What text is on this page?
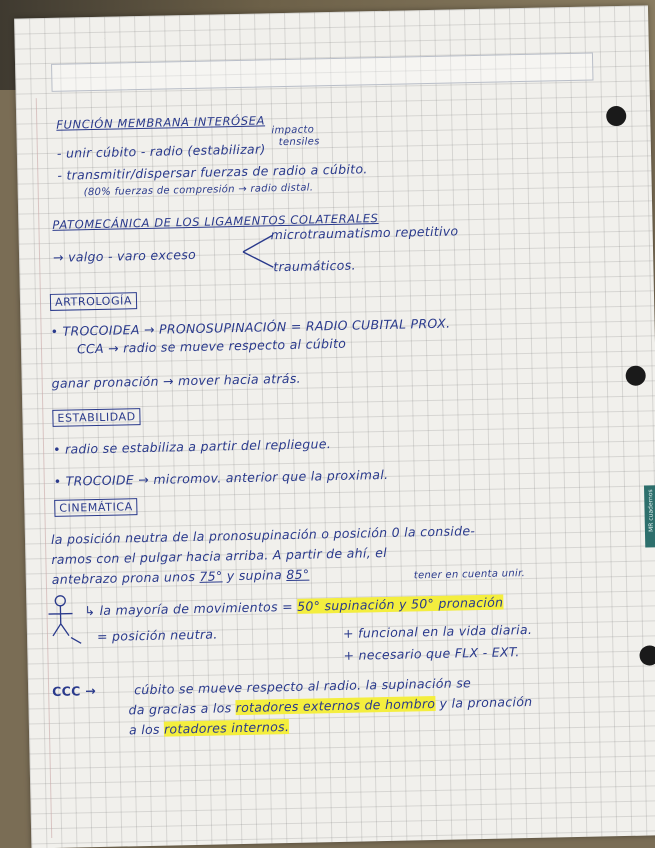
MR cuadernos
FUNCIÓN MEMBRANA INTERÓSEA
- unir cúbito - radio (estabilizar)
impacto
tensiles
- transmitir/dispersar fuerzas de radio a cúbito.
(80% fuerzas de compresión → radio distal.
PATOMECÁNICA DE LOS LIGAMENTOS COLATERALES
→ valgo - varo exceso
microtraumatismo repetitivo
traumáticos.
ARTROLOGÍA
• TROCOIDEA → PRONOSUPINACIÓN = RADIO CUBITAL PROX.
CCA → radio se mueve respecto al cúbito
ganar pronación → mover hacia atrás.
ESTABILIDAD
• radio se estabiliza a partir del repliegue.
• TROCOIDE → micromov. anterior que la proximal.
CINEMÁTICA
la posición neutra de la pronosupinación o posición 0 la conside-
ramos con el pulgar hacia arriba. A partir de ahí, el
antebrazo prona unos 75° y supina 85°	tener en cuenta unir.
↳ la mayoría de movimientos = 50° supinación y 50° pronación
= posición neutra.	+ funcional en la vida diaria.
+ necesario que FLX - EXT.
CCC →	cúbito se mueve respecto al radio. la supinación se
da gracias a los rotadores externos de hombro y la pronación
a los rotadores internos.
